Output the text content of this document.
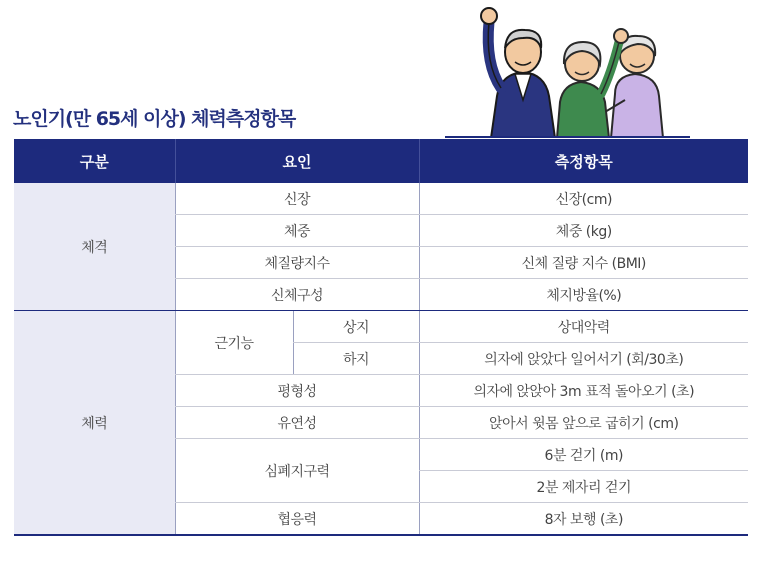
노인기(만 65세 이상) 체력측정항목
구분	요인		측정항목
체격	신장		신장(cm)
	체중		체중 (kg)
	체질량지수		신체 질량 지수 (BMI)
	신체구성		체지방율(%)
체력	근기능	상지	상대악력
		하지	의자에 앉았다 일어서기 (회/30초)
	평형성		의자에 앉앉아 3m 표적 돌아오기 (초)
	유연성		앉아서 윗몸 앞으로 굽히기 (cm)
	심폐지구력		6분 걷기 (m)
			2분 제자리 걷기
	협응력		8자 보행 (초)
